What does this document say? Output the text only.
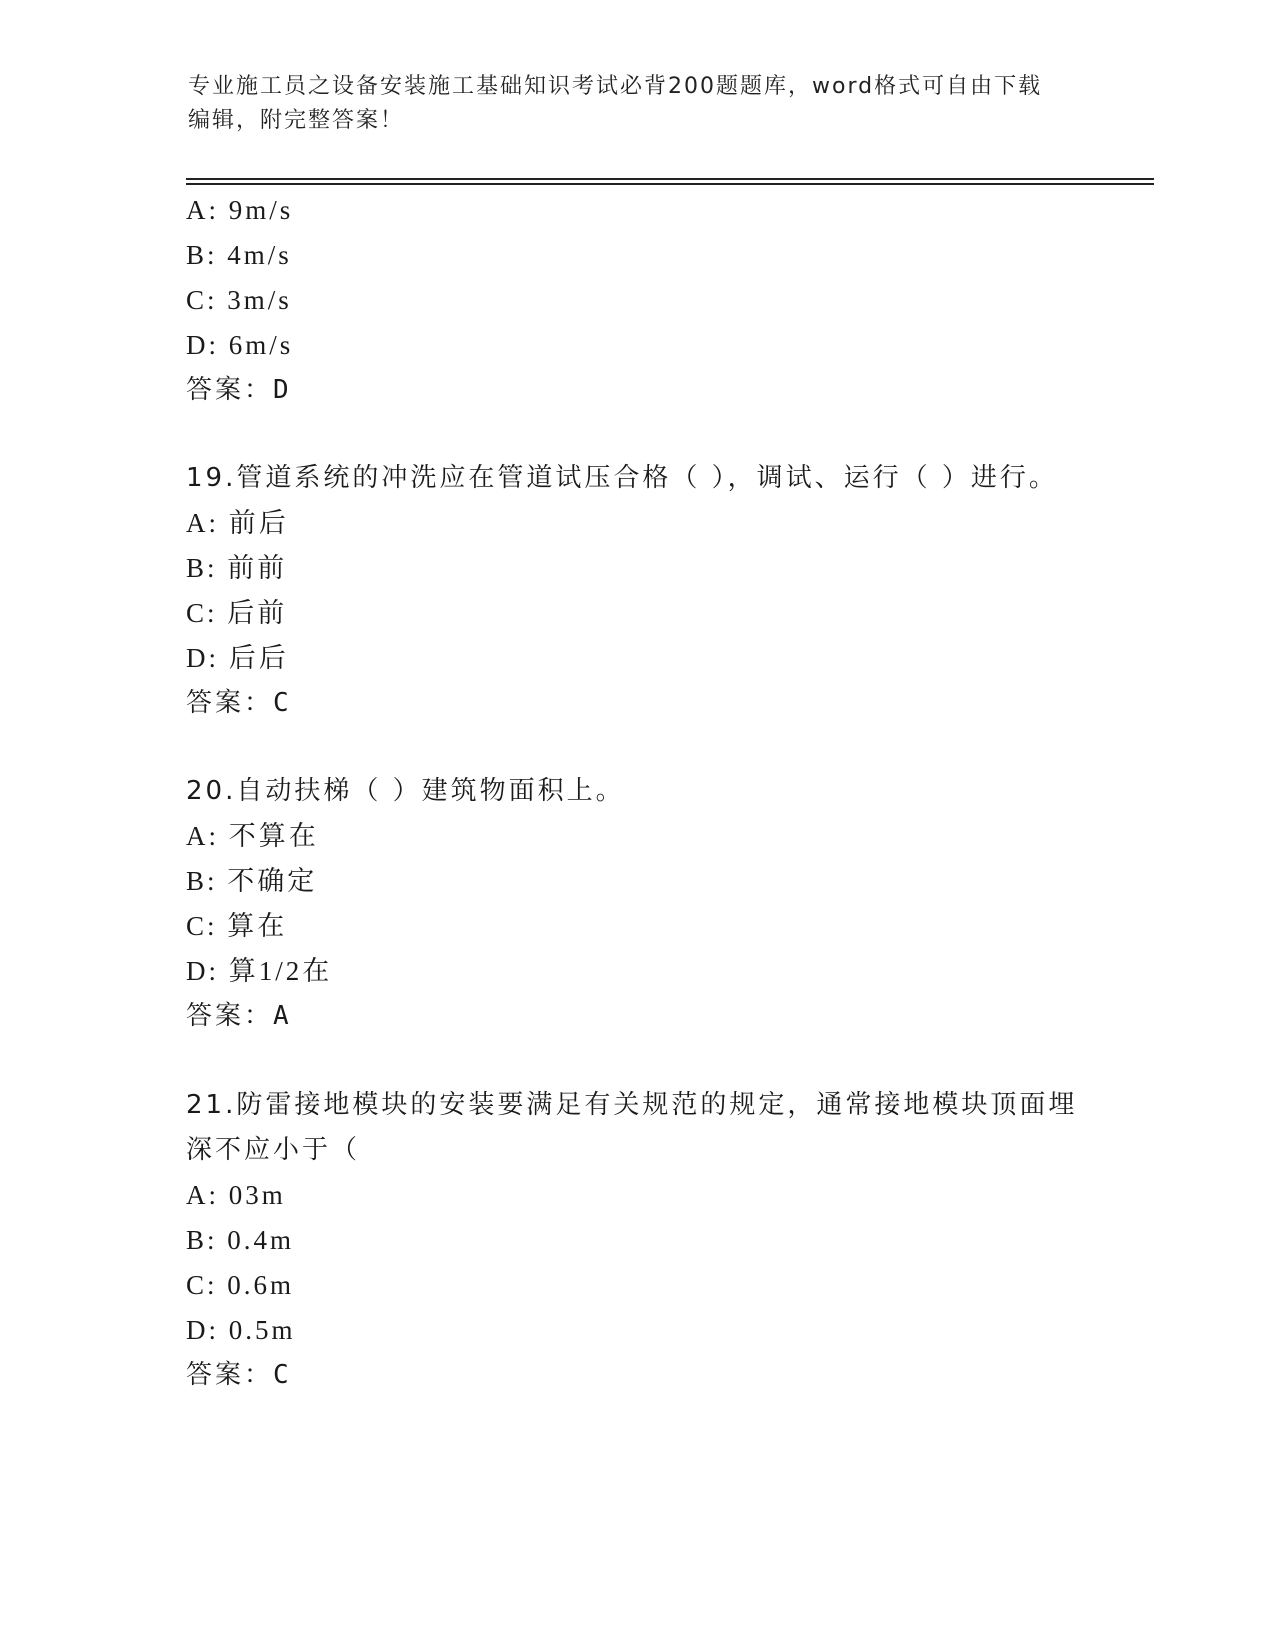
专业施工员之设备安装施工基础知识考试必背200题题库，word格式可自由下载
编辑，附完整答案！
A: 9m/s
B: 4m/s
C: 3m/s
D: 6m/s
答案：D
19.管道系统的冲洗应在管道试压合格（ ），调试、运行（ ）进行。
A: 前后
B: 前前
C: 后前
D: 后后
答案：C
20.自动扶梯（ ）建筑物面积上。
A: 不算在
B: 不确定
C: 算在
D: 算1/2在
答案：A
21.防雷接地模块的安装要满足有关规范的规定，通常接地模块顶面埋
深不应小于（
A: 03m
B: 0.4m
C: 0.6m
D: 0.5m
答案：C
